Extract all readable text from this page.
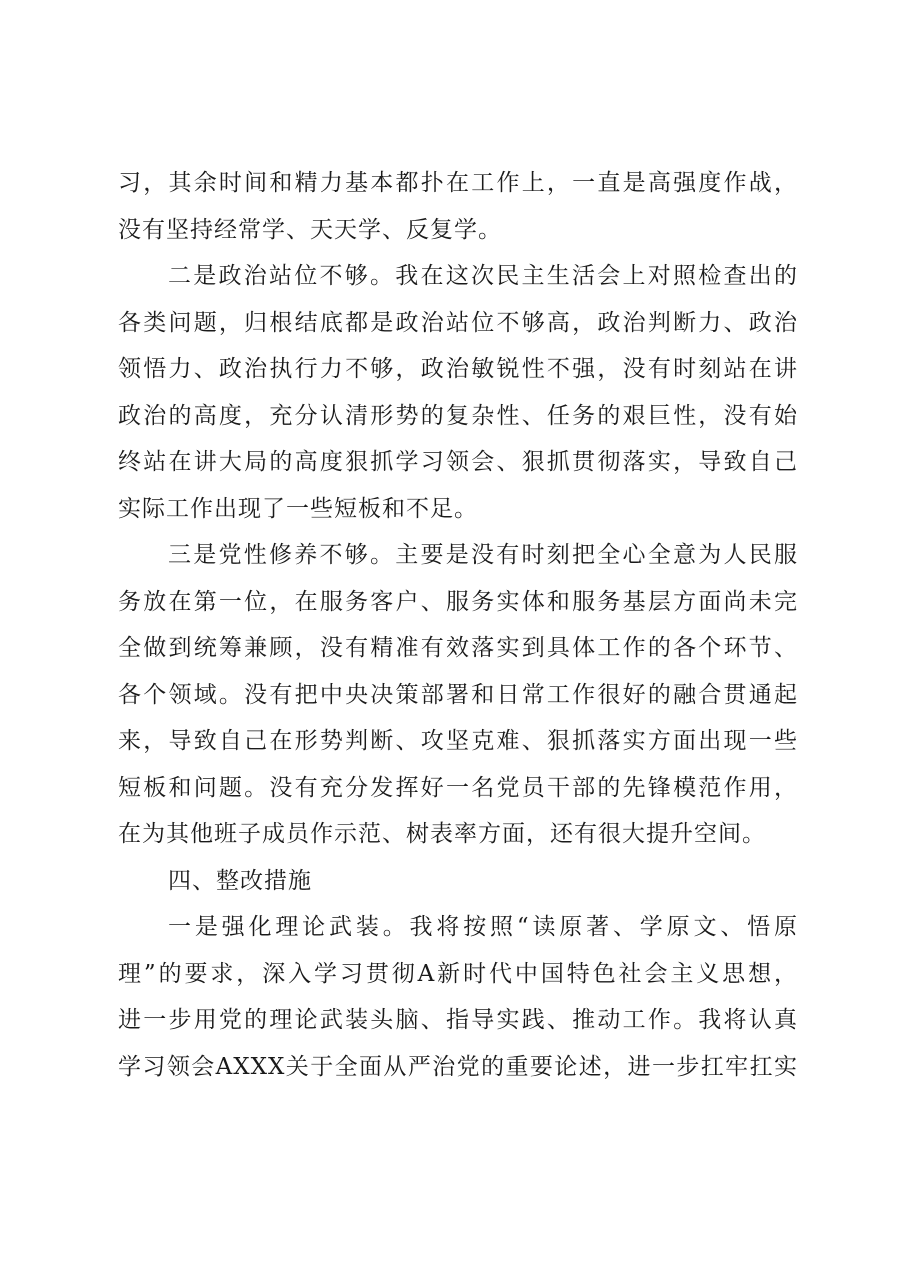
习，其余时间和精力基本都扑在工作上，一直是高强度作战，
没有坚持经常学、天天学、反复学。
二是政治站位不够。我在这次民主生活会上对照检查出的
各类问题，归根结底都是政治站位不够高，政治判断力、政治
领悟力、政治执行力不够，政治敏锐性不强，没有时刻站在讲
政治的高度，充分认清形势的复杂性、任务的艰巨性，没有始
终站在讲大局的高度狠抓学习领会、狠抓贯彻落实，导致自己
实际工作出现了一些短板和不足。
三是党性修养不够。主要是没有时刻把全心全意为人民服
务放在第一位，在服务客户、服务实体和服务基层方面尚未完
全做到统筹兼顾，没有精准有效落实到具体工作的各个环节、
各个领域。没有把中央决策部署和日常工作很好的融合贯通起
来，导致自己在形势判断、攻坚克难、狠抓落实方面出现一些
短板和问题。没有充分发挥好一名党员干部的先锋模范作用，
在为其他班子成员作示范、树表率方面，还有很大提升空间。
四、整改措施
一是强化理论武装。我将按照“读原著、学原文、悟原
理”的要求，深入学习贯彻A新时代中国特色社会主义思想，
进一步用党的理论武装头脑、指导实践、推动工作。我将认真
学习领会AXXX关于全面从严治党的重要论述，进一步扛牢扛实
